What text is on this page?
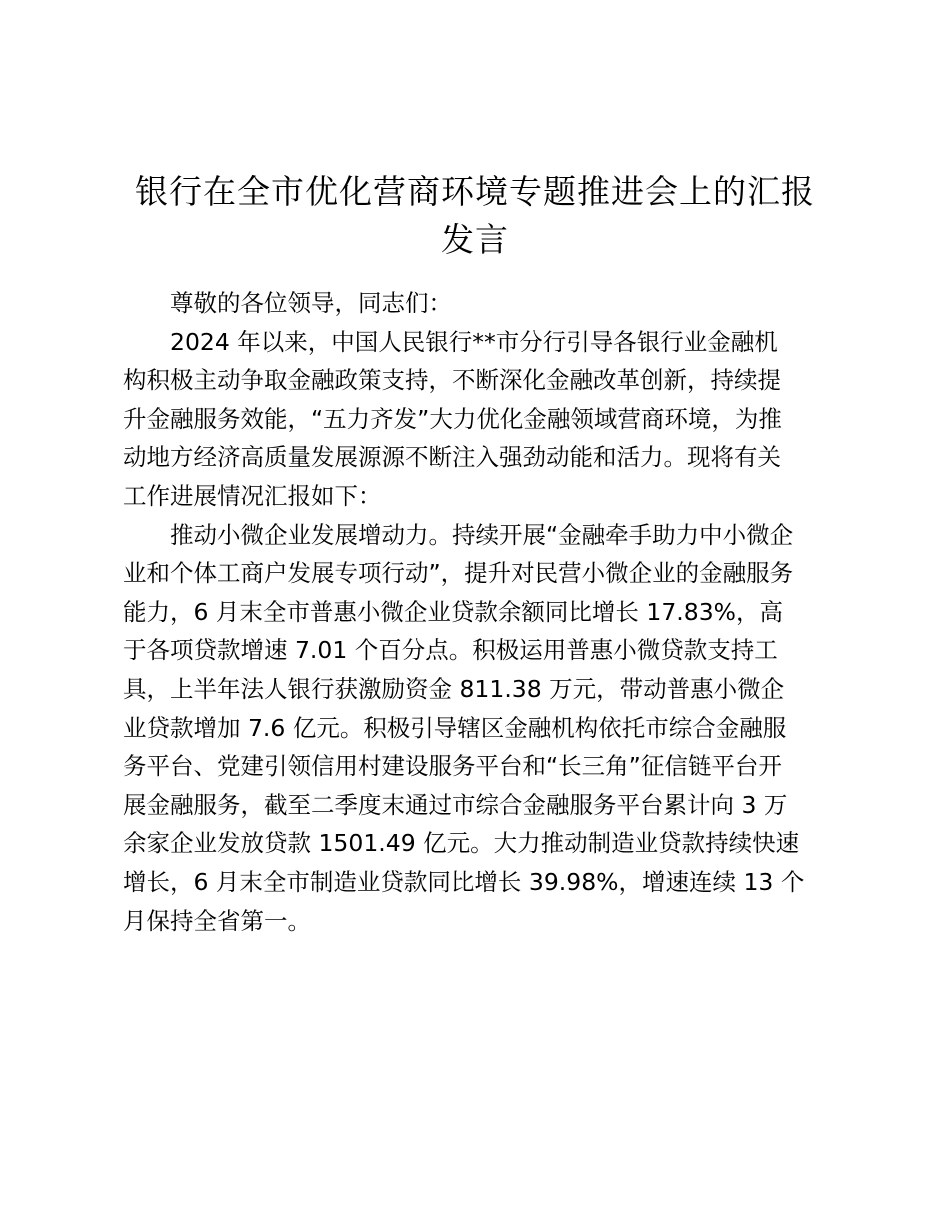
银行在全市优化营商环境专题推进会上的汇报
发言
尊敬的各位领导，同志们：
2024 年以来，中国人民银行**市分行引导各银行业金融机
构积极主动争取金融政策支持，不断深化金融改革创新，持续提
升金融服务效能，“五力齐发”大力优化金融领域营商环境，为推
动地方经济高质量发展源源不断注入强劲动能和活力。现将有关
工作进展情况汇报如下：
推动小微企业发展增动力。持续开展“金融牵手助力中小微企
业和个体工商户发展专项行动”，提升对民营小微企业的金融服务
能力，6 月末全市普惠小微企业贷款余额同比增长 17.83%，高
于各项贷款增速 7.01 个百分点。积极运用普惠小微贷款支持工
具，上半年法人银行获激励资金 811.38 万元，带动普惠小微企
业贷款增加 7.6 亿元。积极引导辖区金融机构依托市综合金融服
务平台、党建引领信用村建设服务平台和“长三角”征信链平台开
展金融服务，截至二季度末通过市综合金融服务平台累计向 3 万
余家企业发放贷款 1501.49 亿元。大力推动制造业贷款持续快速
增长，6 月末全市制造业贷款同比增长 39.98%，增速连续 13 个
月保持全省第一。
